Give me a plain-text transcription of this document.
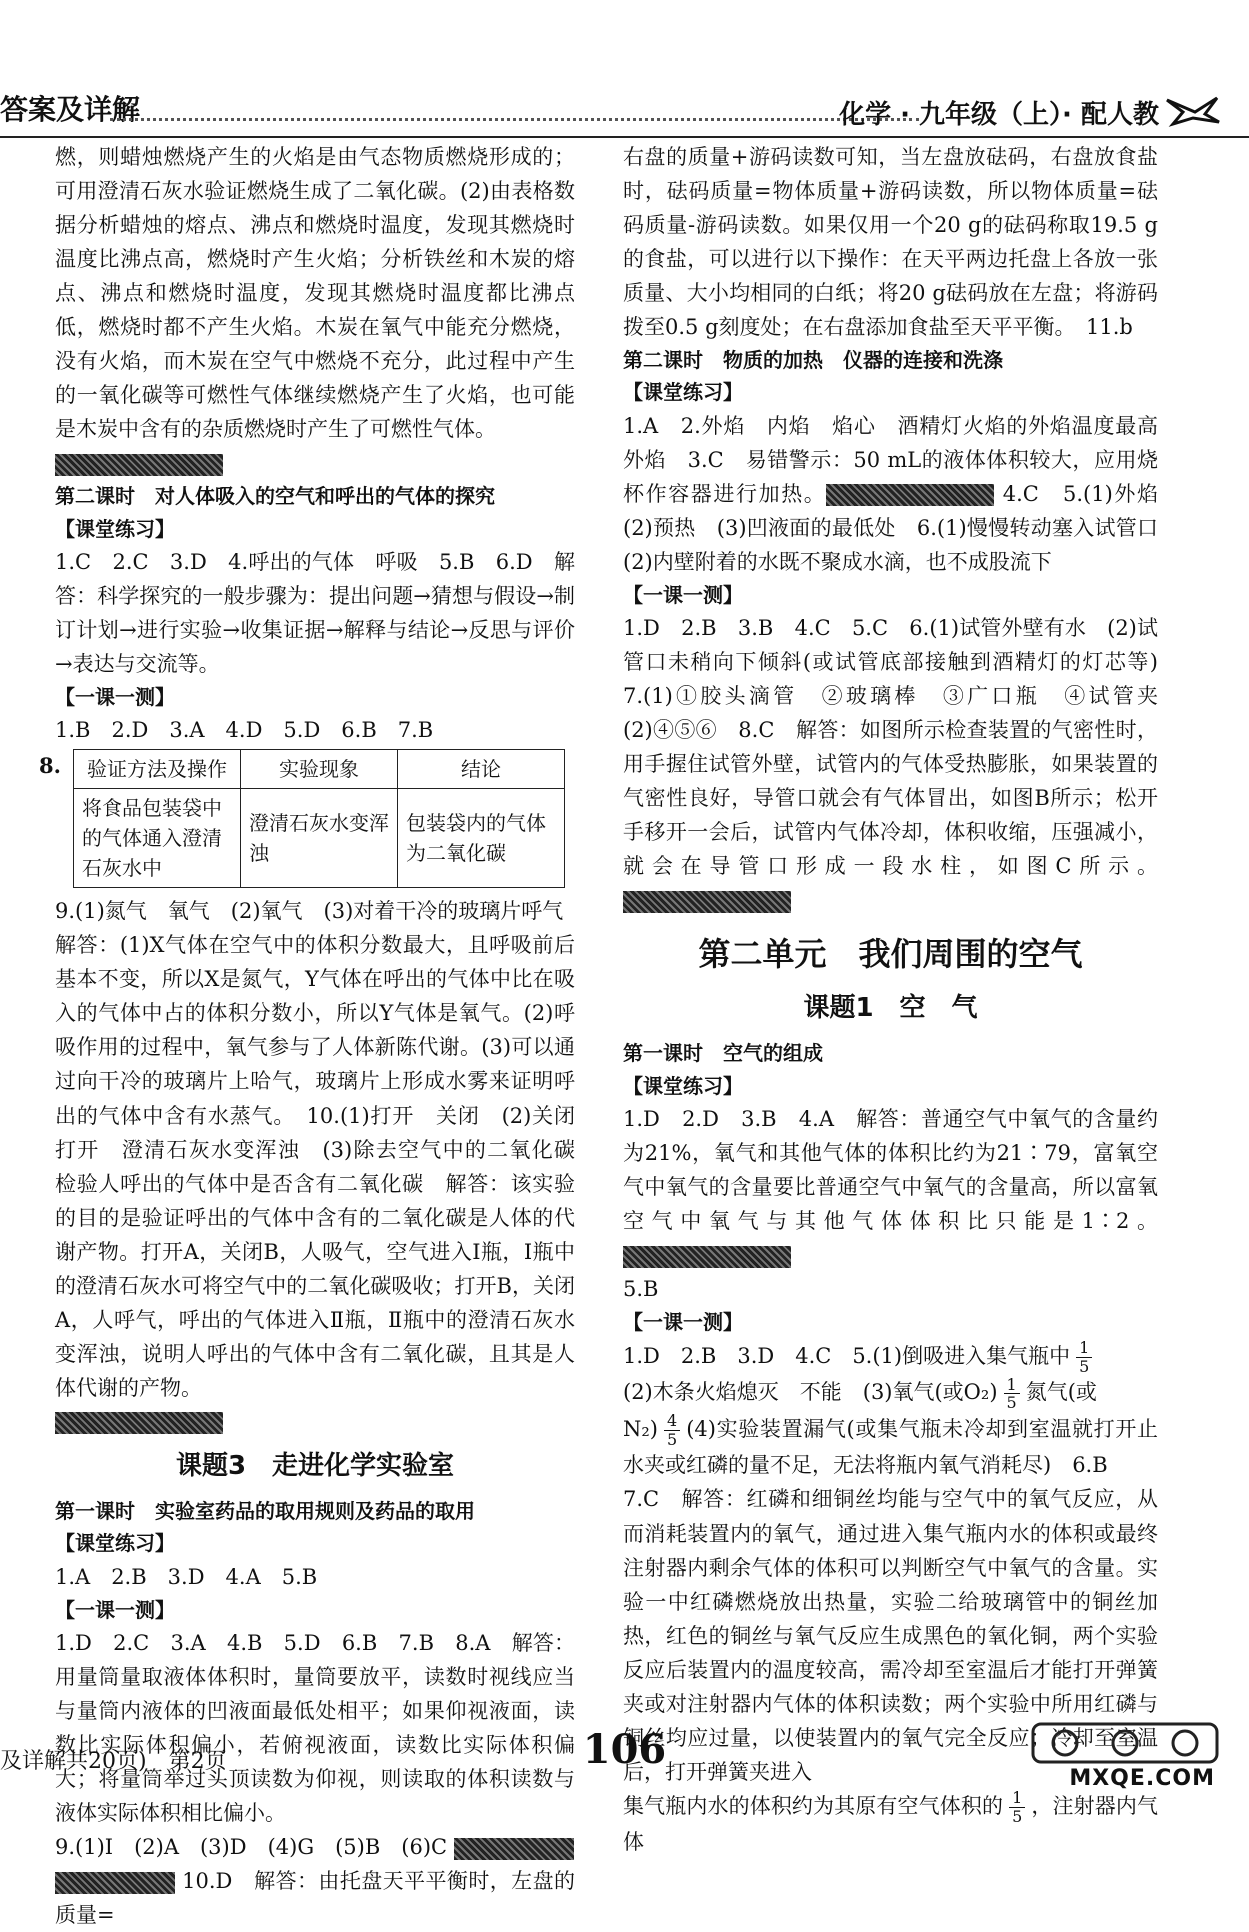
答案及详解	化学 · 九年级（上）· 配人教

燃，则蜡烛燃烧产生的火焰是由气态物质燃烧形成的；可用澄清石灰水验证燃烧生成了二氧化碳。(2)由表格数据分析蜡烛的熔点、沸点和燃烧时温度，发现其燃烧时温度比沸点高，燃烧时产生火焰；分析铁丝和木炭的熔点、沸点和燃烧时温度，发现其燃烧时温度都比沸点低，燃烧时都不产生火焰。木炭在氧气中能充分燃烧，没有火焰，而木炭在空气中燃烧不充分，此过程中产生的一氧化碳等可燃性气体继续燃烧产生了火焰，也可能是木炭中含有的杂质燃烧时产生了可燃性气体。

第二课时　对人体吸入的空气和呼出的气体的探究

【课堂练习】

1.C　2.C　3.D　4.呼出的气体　呼吸　5.B　6.D　解答：科学探究的一般步骤为：提出问题→猜想与假设→制订计划→进行实验→收集证据→解释与结论→反思与评价→表达与交流等。

【一课一测】

1.B　2.D　3.A　4.D　5.D　6.B　7.B

8. 验证方法及操作	实验现象	结论
将食品包装袋中的气体通入澄清石灰水中	澄清石灰水变浑浊	包装袋内的气体为二氧化碳

9.(1)氮气　氧气　(2)氧气　(3)对着干冷的玻璃片呼气

解答：(1)X气体在空气中的体积分数最大，且呼吸前后基本不变，所以X是氮气，Y气体在呼出的气体中比在吸入的气体中占的体积分数小，所以Y气体是氧气。(2)呼吸作用的过程中，氧气参与了人体新陈代谢。(3)可以通过向干冷的玻璃片上哈气，玻璃片上形成水雾来证明呼出的气体中含有水蒸气。　10.(1)打开　关闭　(2)关闭　打开　澄清石灰水变浑浊　(3)除去空气中的二氧化碳　检验人呼出的气体中是否含有二氧化碳　解答：该实验的目的是验证呼出的气体中含有的二氧化碳是人体的代谢产物。打开A，关闭B，人吸气，空气进入Ⅰ瓶，Ⅰ瓶中的澄清石灰水可将空气中的二氧化碳吸收；打开B，关闭A，人呼气，呼出的气体进入Ⅱ瓶，Ⅱ瓶中的澄清石灰水变浑浊，说明人呼出的气体中含有二氧化碳，且其是人体代谢的产物。

课题3　走进化学实验室

第一课时　实验室药品的取用规则及药品的取用

【课堂练习】

1.A　2.B　3.D　4.A　5.B

【一课一测】

1.D　2.C　3.A　4.B　5.D　6.B　7.B　8.A　解答：用量筒量取液体体积时，量筒要放平，读数时视线应当与量筒内液体的凹液面最低处相平；如果仰视液面，读数比实际体积偏小，若俯视液面，读数比实际体积偏大；将量筒举过头顶读数为仰视，则读取的体积读数与液体实际体积相比偏小。

9.(1)I　(2)A　(3)D　(4)G　(5)B　(6)C

10.D　解答：由托盘天平平衡时，左盘的质量=

右盘的质量+游码读数可知，当左盘放砝码，右盘放食盐时，砝码质量=物体质量+游码读数，所以物体质量=砝码质量-游码读数。如果仅用一个20 g的砝码称取19.5 g的食盐，可以进行以下操作：在天平两边托盘上各放一张质量、大小均相同的白纸；将20 g砝码放在左盘；将游码拨至0.5 g刻度处；在右盘添加食盐至天平平衡。　11.b

第二课时　物质的加热　仪器的连接和洗涤

【课堂练习】

1.A　2.外焰　内焰　焰心　酒精灯火焰的外焰温度最高　外焰　3.C　易错警示：50 mL的液体体积较大，应用烧杯作容器进行加热。	4.C　5.(1)外焰　(2)预热　(3)凹液面的最低处　6.(1)慢慢转动塞入试管口　(2)内壁附着的水既不聚成水滴，也不成股流下

【一课一测】

1.D　2.B　3.B　4.C　5.C　6.(1)试管外壁有水　(2)试管口未稍向下倾斜(或试管底部接触到酒精灯的灯芯等)　7.(1)①胶头滴管　②玻璃棒　③广口瓶　④试管夹　(2)④⑤⑥　8.C　解答：如图所示检查装置的气密性时，用手握住试管外壁，试管内的气体受热膨胀，如果装置的气密性良好，导管口就会有气体冒出，如图B所示；松开手移开一会后，试管内气体冷却，体积收缩，压强减小，就会在导管口形成一段水柱，如图C所示。

第二单元　我们周围的空气
课题1　空　气

第一课时　空气的组成

【课堂练习】

1.D　2.D　3.B　4.A　解答：普通空气中氧气的含量约为21%，氧气和其他气体的体积比约为21∶79，富氧空气中氧气的含量要比普通空气中氧气的含量高，所以富氧空气中氧气与其他气体体积比只能是1∶2。

5.B

【一课一测】

1.D　2.B　3.D　4.C　5.(1)倒吸进入集气瓶中 $\frac{1}{5}$

(2)木条火焰熄灭　不能　(3)氧气(或$O_2) \frac{1}{5}$ 氮气(或

$N_2) \frac{4}{5} (4)$实验装置漏气(或集气瓶未冷却到室温就打开止水夹或红磷的量不足，无法将瓶内氧气消耗尽)　6.B

7.C　解答：红磷和细铜丝均能与空气中的氧气反应，从而消耗装置内的氧气，通过进入集气瓶内水的体积或最终注射器内剩余气体的体积可以判断空气中氧气的含量。实验一中红磷燃烧放出热量，实验二给玻璃管中的铜丝加热，红色的铜丝与氧气反应生成黑色的氧化铜，两个实验反应后装置内的温度较高，需冷却至室温后才能打开弹簧夹或对注射器内气体的体积读数；两个实验中所用红磷与铜丝均应过量，以使装置内的氧气完全反应；冷却至室温后，打开弹簧夹进入

集气瓶内水的体积约为其原有空气体积的 $\frac{1}{5}$ ，注射器内气体

及详解共20页)　第2页	106
MXQE.COM
